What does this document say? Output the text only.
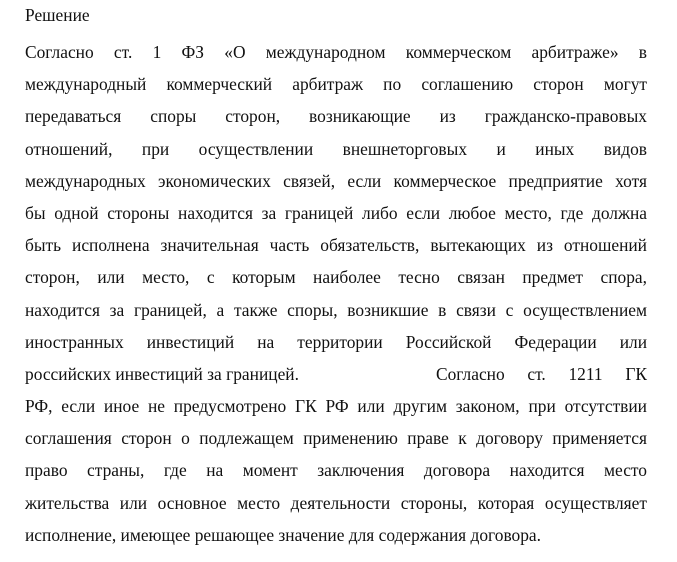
Решение
Согласно ст. 1 ФЗ «О международном коммерческом арбитраже» в
международный коммерческий арбитраж по соглашению сторон могут
передаваться споры сторон, возникающие из гражданско-правовых
отношений, при осуществлении внешнеторговых и иных видов
международных экономических связей, если коммерческое предприятие хотя
бы одной стороны находится за границей либо если любое место, где должна
быть исполнена значительная часть обязательств, вытекающих из отношений
сторон, или место, с которым наиболее тесно связан предмет спора,
находится за границей, а также споры, возникшие в связи с осуществлением
иностранных инвестиций на территории Российской Федерации или
российских инвестиций за границей.	Согласно ст. 1211 ГК
РФ, если иное не предусмотрено ГК РФ или другим законом, при отсутствии
соглашения сторон о подлежащем применению праве к договору применяется
право страны, где на момент заключения договора находится место
жительства или основное место деятельности стороны, которая осуществляет
исполнение, имеющее решающее значение для содержания договора.
